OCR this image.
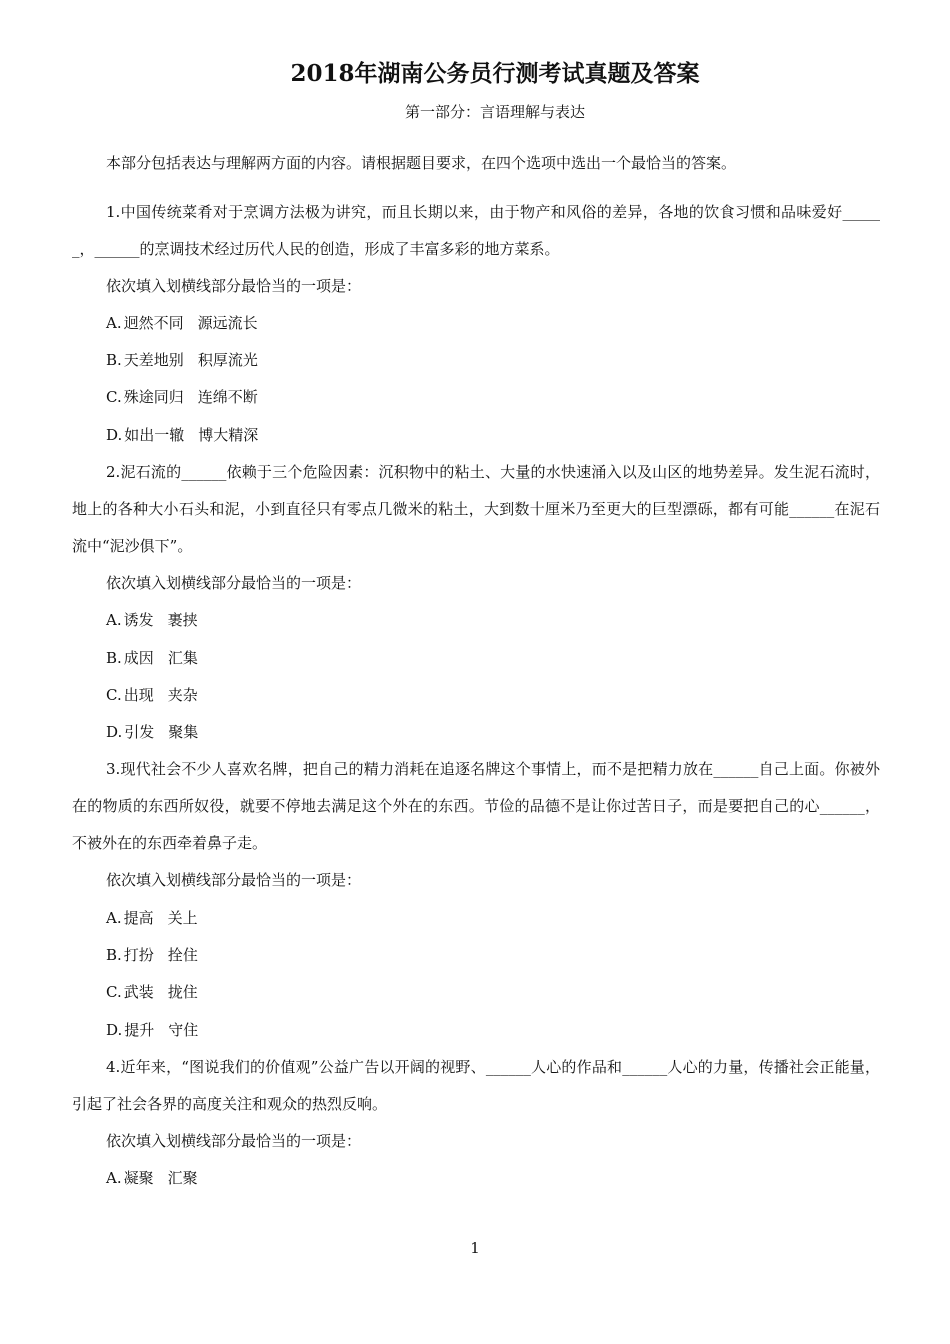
2018年湖南公务员行测考试真题及答案
第一部分：言语理解与表达

本部分包括表达与理解两方面的内容。请根据题目要求，在四个选项中选出一个最恰当的答案。

1.中国传统菜肴对于烹调方法极为讲究，而且长期以来，由于物产和风俗的差异，各地的饮食习惯和品味爱好______，______的烹调技术经过历代人民的创造，形成了丰富多彩的地方菜系。

依次填入划横线部分最恰当的一项是：

A. 迥然不同 源远流长

B. 天差地别 积厚流光

C. 殊途同归 连绵不断

D. 如出一辙 博大精深

2.泥石流的______依赖于三个危险因素：沉积物中的粘土、大量的水快速涌入以及山区的地势差异。发生泥石流时，地上的各种大小石头和泥，小到直径只有零点几微米的粘土，大到数十厘米乃至更大的巨型漂砾，都有可能______在泥石流中“泥沙俱下”。

依次填入划横线部分最恰当的一项是：

A. 诱发 裹挟

B. 成因 汇集

C. 出现 夹杂

D. 引发 聚集

3.现代社会不少人喜欢名牌，把自己的精力消耗在追逐名牌这个事情上，而不是把精力放在______自己上面。你被外在的物质的东西所奴役，就要不停地去满足这个外在的东西。节俭的品德不是让你过苦日子，而是要把自己的心______，不被外在的东西牵着鼻子走。

依次填入划横线部分最恰当的一项是：

A. 提高 关上

B. 打扮 拴住

C. 武装 拢住

D. 提升 守住

4.近年来，“图说我们的价值观”公益广告以开阔的视野、______人心的作品和______人心的力量，传播社会正能量，引起了社会各界的高度关注和观众的热烈反响。

依次填入划横线部分最恰当的一项是：

A. 凝聚 汇聚

1
